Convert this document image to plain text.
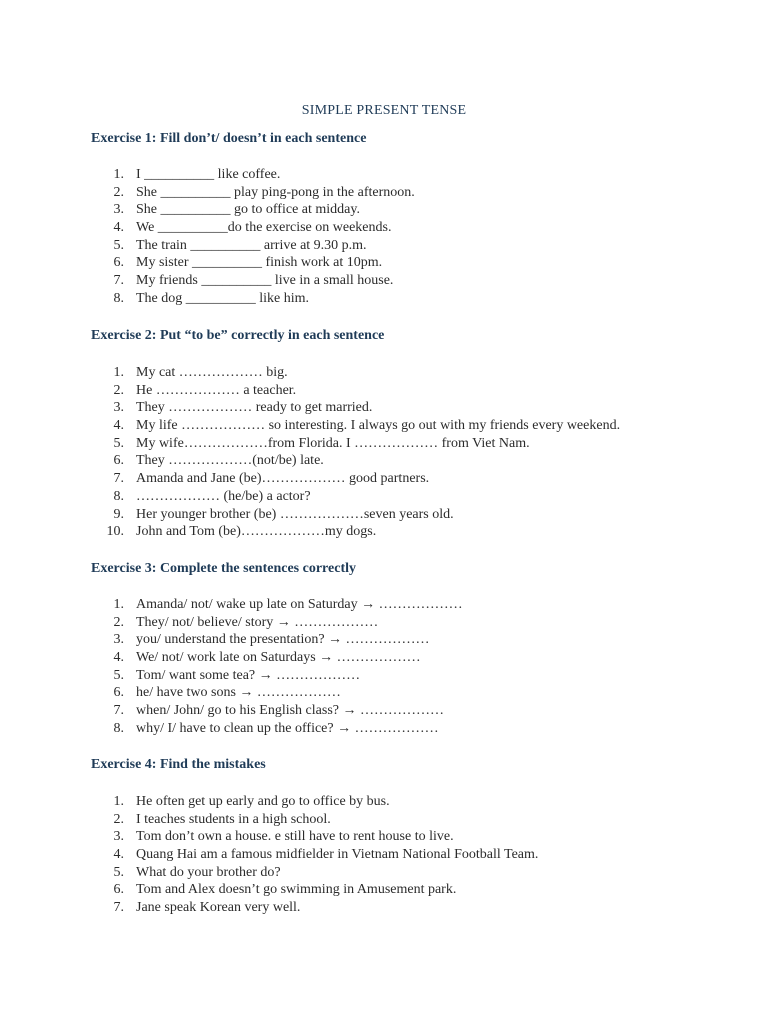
SIMPLE PRESENT TENSE
Exercise 1: Fill don’t/ doesn’t in each sentence
1. I __________ like coffee.
2. She __________ play ping-pong in the afternoon.
3. She __________ go to office at midday.
4. We __________do the exercise on weekends.
5. The train __________ arrive at 9.30 p.m.
6. My sister __________ finish work at 10pm.
7. My friends __________ live in a small house.
8. The dog __________ like him.
Exercise 2: Put “to be” correctly in each sentence
1. My cat ……………… big.
2. He ……………… a teacher.
3. They ……………… ready to get married.
4. My life ……………… so interesting. I always go out with my friends every weekend.
5. My wife………………from Florida. I ……………… from Viet Nam.
6. They ………………(not/be) late.
7. Amanda and Jane (be)……………… good partners.
8. ……………… (he/be) a actor?
9. Her younger brother (be) ………………seven years old.
10. John and Tom (be)………………my dogs.
Exercise 3: Complete the sentences correctly
1. Amanda/ not/ wake up late on Saturday → ………………
2. They/ not/ believe/ story → ………………
3. you/ understand the presentation? → ………………
4. We/ not/ work late on Saturdays → ………………
5. Tom/ want some tea? → ………………
6. he/ have two sons → ………………
7. when/ John/ go to his English class? → ………………
8. why/ I/ have to clean up the office? → ………………
Exercise 4: Find the mistakes
1. He often get up early and go to office by bus.
2. I teaches students in a high school.
3. Tom don’t own a house. e still have to rent house to live.
4. Quang Hai am a famous midfielder in Vietnam National Football Team.
5. What do your brother do?
6. Tom and Alex doesn’t go swimming in Amusement park.
7. Jane speak Korean very well.
